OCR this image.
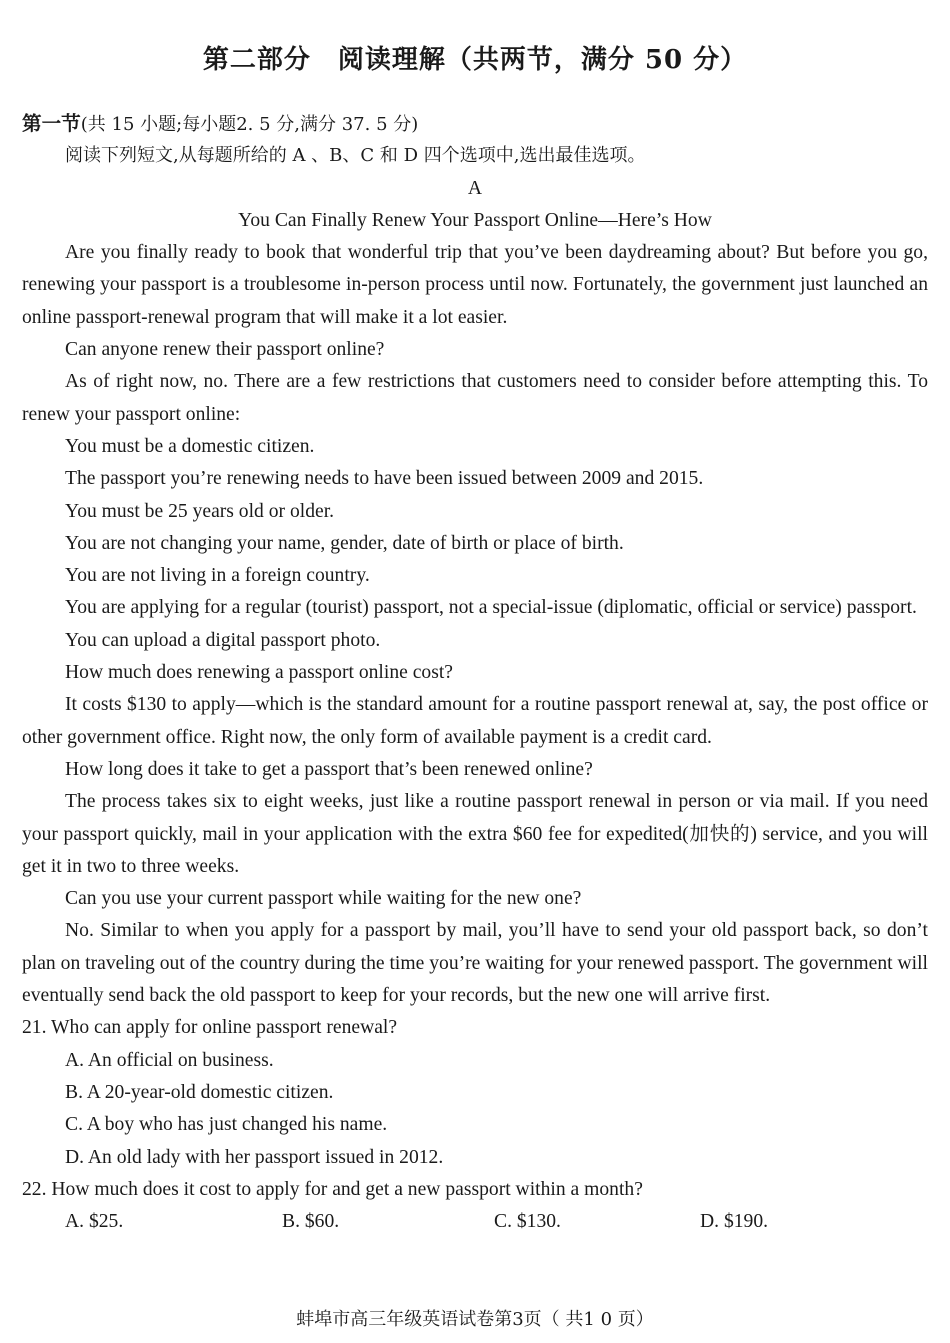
第二部分　阅读理解（共两节，满分 50 分）
第一节(共 15 小题;每小题2. 5 分,满分 37. 5 分)
阅读下列短文,从每题所给的 A 、B、C 和 D 四个选项中,选出最佳选项。
A
You Can Finally Renew Your Passport Online—Here’s How

Are you finally ready to book that wonderful trip that you’ve been daydreaming about? But before you go, renewing your passport is a troublesome in-person process until now. Fortunately, the government just launched an online passport-renewal program that will make it a lot easier.

Can anyone renew their passport online?

As of right now, no. There are a few restrictions that customers need to consider before attempting this. To renew your passport online:

You must be a domestic citizen.

The passport you’re renewing needs to have been issued between 2009 and 2015.

You must be 25 years old or older.

You are not changing your name, gender, date of birth or place of birth.

You are not living in a foreign country.

You are applying for a regular (tourist) passport, not a special-issue (diplomatic, official or service) passport.

You can upload a digital passport photo.

How much does renewing a passport online cost?

It costs $130 to apply—which is the standard amount for a routine passport renewal at, say, the post office or other government office. Right now, the only form of available payment is a credit card.

How long does it take to get a passport that’s been renewed online?

The process takes six to eight weeks, just like a routine passport renewal in person or via mail. If you need your passport quickly, mail in your application with the extra $60 fee for expedited(加快的) service, and you will get it in two to three weeks.

Can you use your current passport while waiting for the new one?

No. Similar to when you apply for a passport by mail, you’ll have to send your old passport back, so don’t plan on traveling out of the country during the time you’re waiting for your renewed passport. The government will eventually send back the old passport to keep for your records, but the new one will arrive first.

21. Who can apply for online passport renewal?
A. An official on business.
B. A 20-year-old domestic citizen.
C. A boy who has just changed his name.
D. An old lady with her passport issued in 2012.
22. How much does it cost to apply for and get a new passport within a month?
A. $25.	B. $60.	C. $130.	D. $190.
蚌埠市高三年级英语试卷第3页（ 共1 0 页）
